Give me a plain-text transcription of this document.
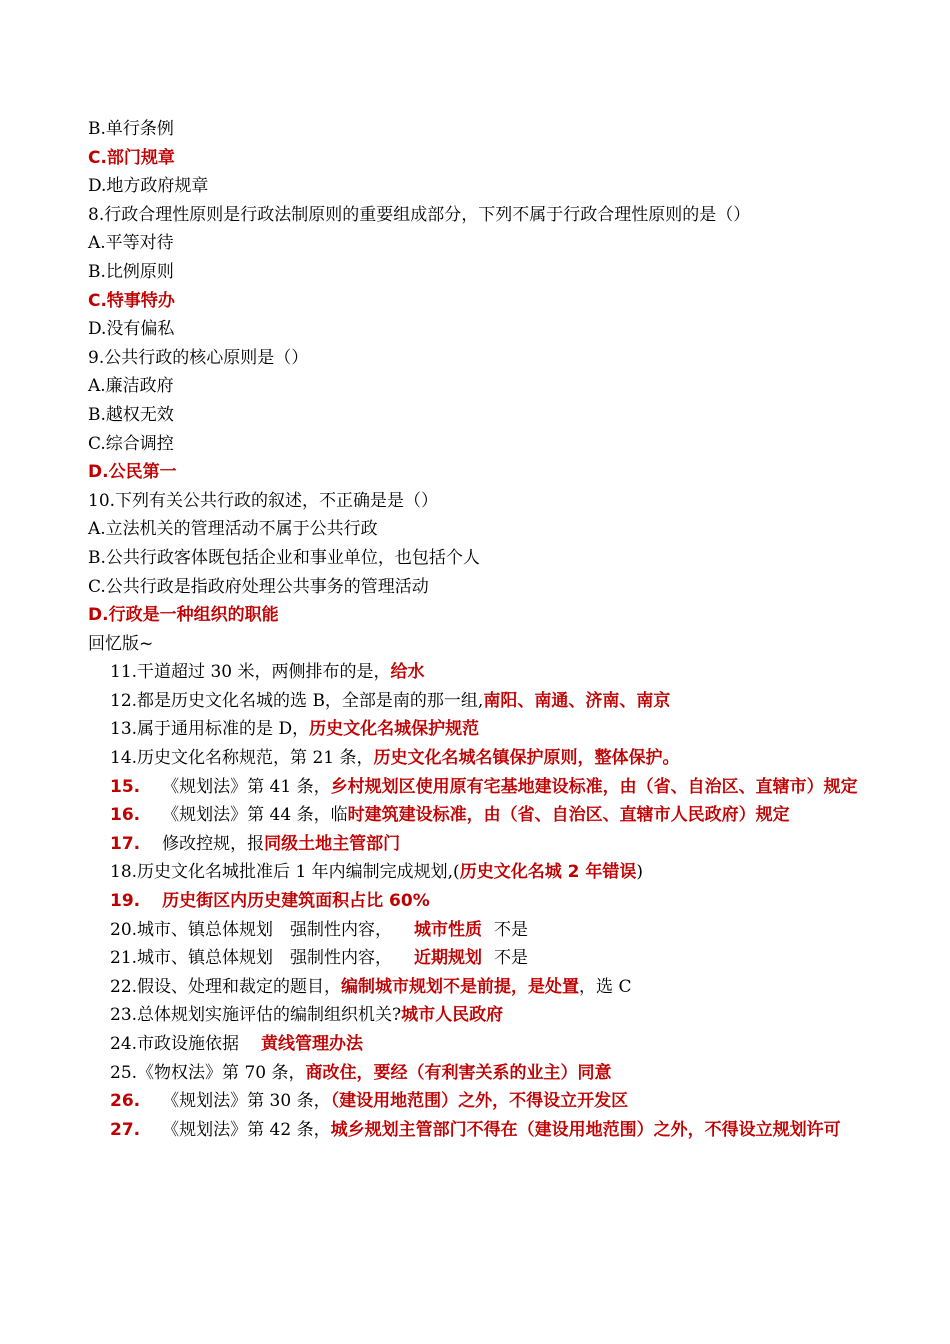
B.单行条例
C.部门规章
D.地方政府规章
8.行政合理性原则是行政法制原则的重要组成部分，下列不属于行政合理性原则的是（）
A.平等对待
B.比例原则
C.特事特办
D.没有偏私
9.公共行政的核心原则是（）
A.廉洁政府
B.越权无效
C.综合调控
D.公民第一
10.下列有关公共行政的叙述，不正确是是（）
A.立法机关的管理活动不属于公共行政
B.公共行政客体既包括企业和事业单位，也包括个人
C.公共行政是指政府处理公共事务的管理活动
D.行政是一种组织的职能
回忆版~
11.干道超过 30 米，两侧排布的是，给水
12.都是历史文化名城的选 B，全部是南的那一组,南阳、南通、济南、南京
13.属于通用标准的是 D，历史文化名城保护规范
14.历史文化名称规范，第 21 条，历史文化名城名镇保护原则，整体保护。
15. 《规划法》第 41 条，乡村规划区使用原有宅基地建设标准，由（省、自治区、直辖市）规定
16. 《规划法》第 44 条，临时建筑建设标准，由（省、自治区、直辖市人民政府）规定
17. 修改控规，报同级土地主管部门
18.历史文化名城批准后 1 年内编制完成规划,(历史文化名城 2 年错误)
19. 历史街区内历史建筑面积占比 60%
20.城市、镇总体规划　强制性内容， 城市性质 不是
21.城市、镇总体规划　强制性内容， 近期规划 不是
22.假设、处理和裁定的题目，编制城市规划不是前提，是处置，选 C
23.总体规划实施评估的编制组织机关?城市人民政府
24.市政设施依据 黄线管理办法
25.《物权法》第 70 条，商改住，要经（有利害关系的业主）同意
26. 《规划法》第 30 条，（建设用地范围）之外，不得设立开发区
27. 《规划法》第 42 条，城乡规划主管部门不得在（建设用地范围）之外，不得设立规划许可
